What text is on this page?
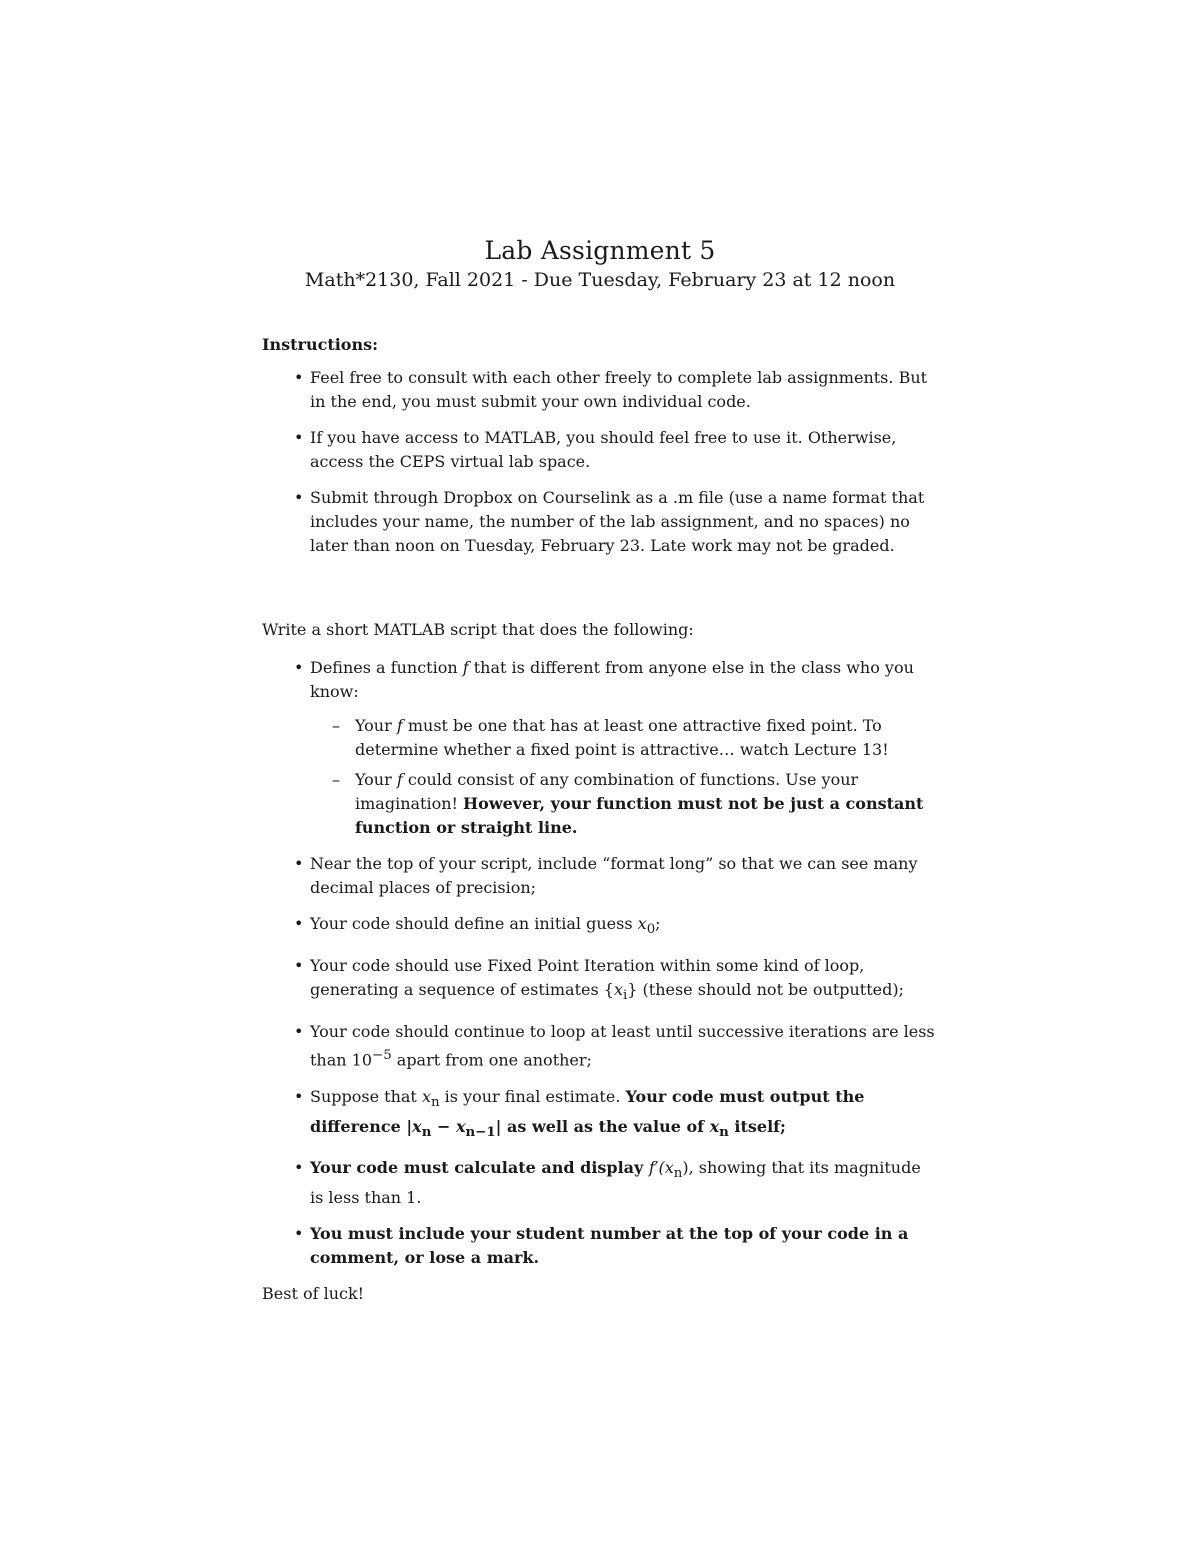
Lab Assignment 5

Math*2130, Fall 2021 - Due Tuesday, February 23 at 12 noon

Instructions:
• Feel free to consult with each other freely to complete lab assignments. But in the end, you must submit your own individual code.
• If you have access to MATLAB, you should feel free to use it. Otherwise, access the CEPS virtual lab space.
• Submit through Dropbox on Courselink as a .m file (use a name format that includes your name, the number of the lab assignment, and no spaces) no later than noon on Tuesday, February 23. Late work may not be graded.

Write a short MATLAB script that does the following:

• Defines a function f that is different from anyone else in the class who you know:
– Your f must be one that has at least one attractive fixed point. To determine whether a fixed point is attractive… watch Lecture 13!
– Your f could consist of any combination of functions. Use your imagination! However, your function must not be just a constant function or straight line.
• Near the top of your script, include “format long” so that we can see many decimal places of precision;
• Your code should define an initial guess $x_0$;
• Your code should use Fixed Point Iteration within some kind of loop, generating a sequence of estimates $\{x_i\}$ (these should not be outputted);
• Your code should continue to loop at least until successive iterations are less than $10^{-5}$ apart from one another;
• Suppose that $x_n$ is your final estimate. Your code must output the difference $|x_n - x_{n-1}|$ as well as the value of $x_n$ itself;
• Your code must calculate and display $f'(x_n)$, showing that its magnitude is less than 1.
• You must include your student number at the top of your code in a comment, or lose a mark.

Best of luck!
